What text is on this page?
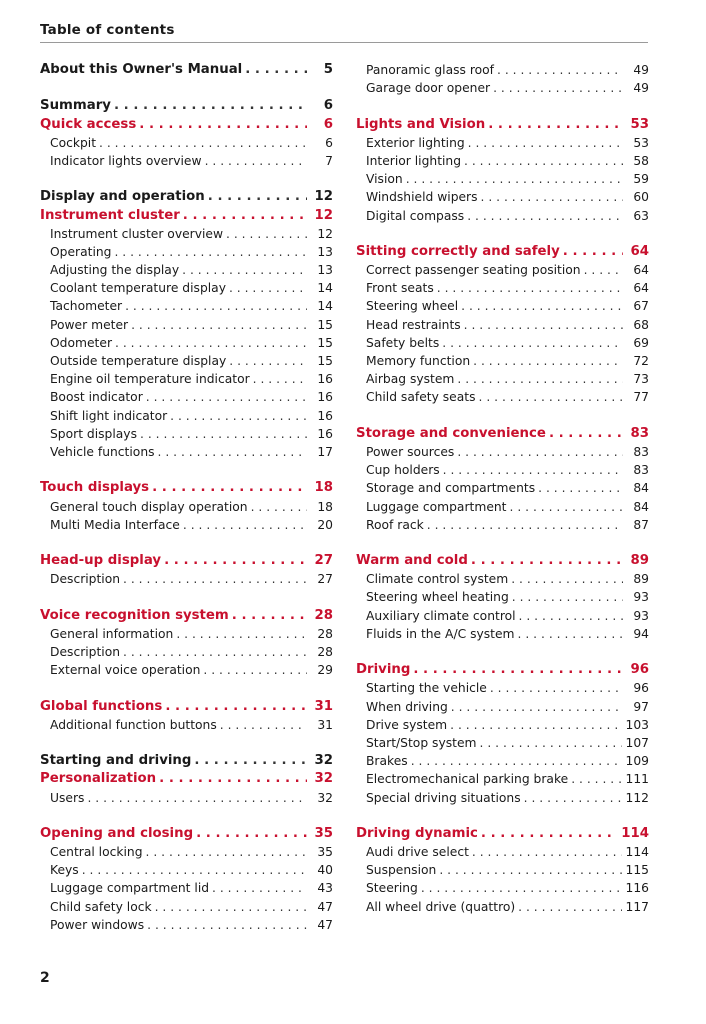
Table of contents
About this Owner's Manual . . .	5
Summary . . .	6
Quick access . . .	6
Cockpit . . .	6
Indicator lights overview . . .	7
Display and operation . . .	12
Instrument cluster . . .	12
Instrument cluster overview . . .	12
Operating . . .	13
Adjusting the display . . .	13
Coolant temperature display . . .	14
Tachometer . . .	14
Power meter . . .	15
Odometer . . .	15
Outside temperature display . . .	15
Engine oil temperature indicator . . .	16
Boost indicator . . .	16
Shift light indicator . . .	16
Sport displays . . .	16
Vehicle functions . . .	17
Touch displays . . .	18
General touch display operation . . .	18
Multi Media Interface . . .	20
Head-up display . . .	27
Description . . .	27
Voice recognition system . . .	28
General information . . .	28
Description . . .	28
External voice operation . . .	29
Global functions . . .	31
Additional function buttons . . .	31
Starting and driving . . .	32
Personalization . . .	32
Users . . .	32
Opening and closing . . .	35
Central locking . . .	35
Keys . . .	40
Luggage compartment lid . . .	43
Child safety lock . . .	47
Power windows . . .	47
Panoramic glass roof . . .	49
Garage door opener . . .	49
Lights and Vision . . .	53
Exterior lighting . . .	53
Interior lighting . . .	58
Vision . . .	59
Windshield wipers . . .	60
Digital compass . . .	63
Sitting correctly and safely . . .	64
Correct passenger seating position . . .	64
Front seats . . .	64
Steering wheel . . .	67
Head restraints . . .	68
Safety belts . . .	69
Memory function . . .	72
Airbag system . . .	73
Child safety seats . . .	77
Storage and convenience . . .	83
Power sources . . .	83
Cup holders . . .	83
Storage and compartments . . .	84
Luggage compartment . . .	84
Roof rack . . .	87
Warm and cold . . .	89
Climate control system . . .	89
Steering wheel heating . . .	93
Auxiliary climate control . . .	93
Fluids in the A/C system . . .	94
Driving . . .	96
Starting the vehicle . . .	96
When driving . . .	97
Drive system . . .	103
Start/Stop system . . .	107
Brakes . . .	109
Electromechanical parking brake . . .	111
Special driving situations . . .	112
Driving dynamic . . .	114
Audi drive select . . .	114
Suspension . . .	115
Steering . . .	116
All wheel drive (quattro) . . .	117
2
